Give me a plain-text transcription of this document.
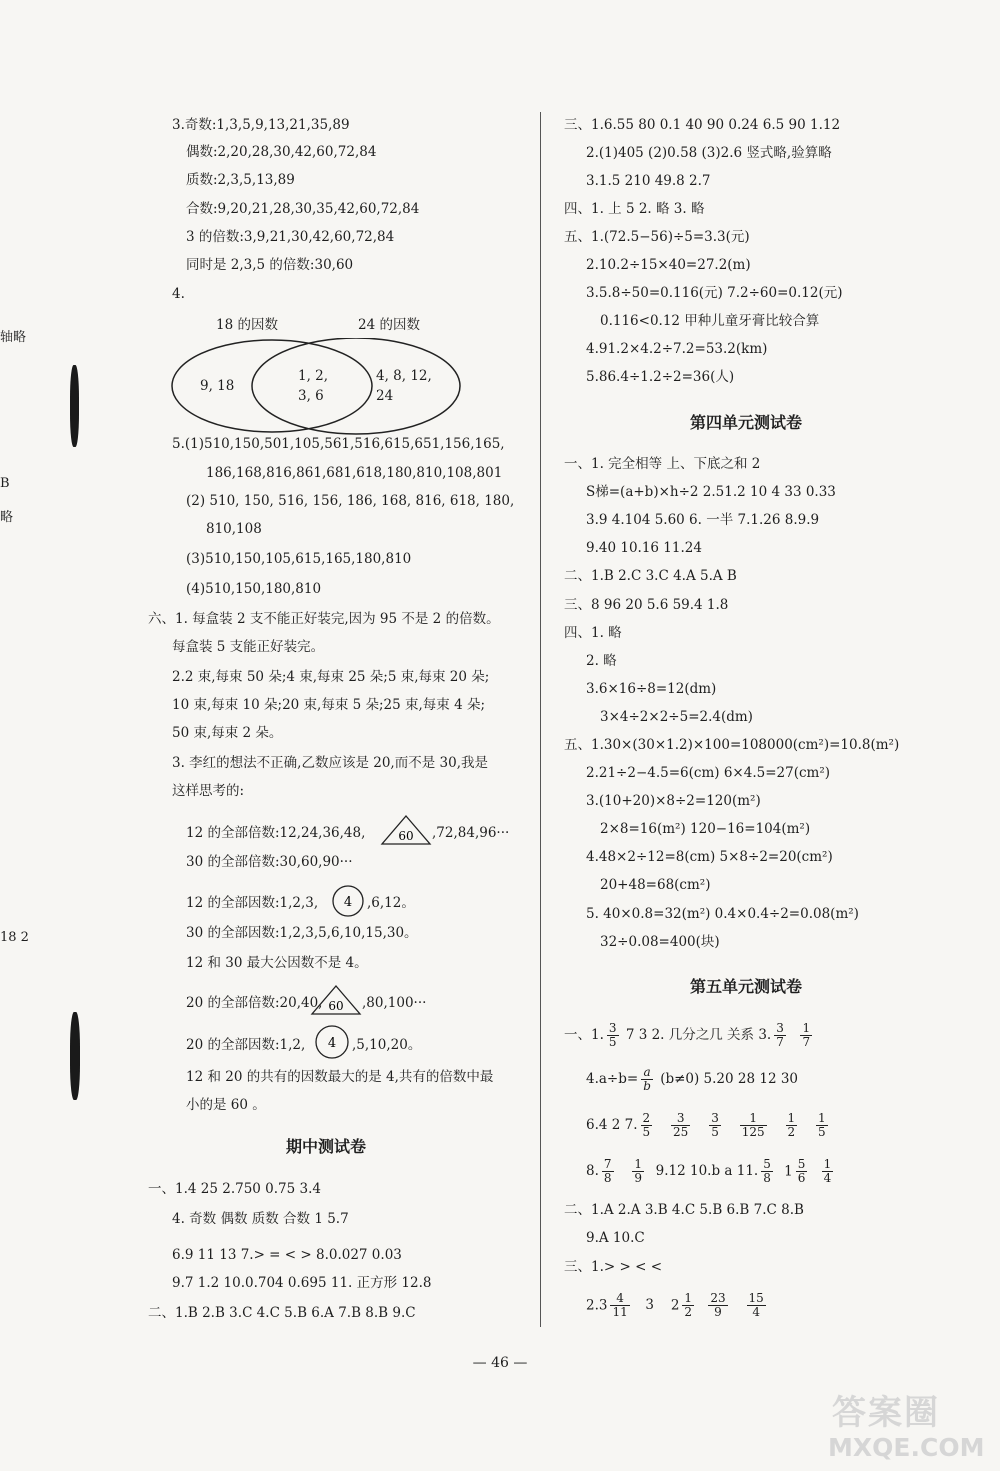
轴略
B
略
18 2
3.奇数:1,3,5,9,13,21,35,89
偶数:2,20,28,30,42,60,72,84
质数:2,3,5,13,89
合数:9,20,21,28,30,35,42,60,72,84
3 的倍数:3,9,21,30,42,60,72,84
同时是 2,3,5 的倍数:30,60
4.
18 的因数	24 的因数
9, 18
1, 2,
3, 6
4, 8, 12,
24
5.(1)510,150,501,105,561,516,615,651,156,165,
186,168,816,861,681,618,180,810,108,801
(2) 510, 150, 516, 156, 186, 168, 816, 618, 180,
810,108
(3)510,150,105,615,165,180,810
(4)510,150,180,810
六、1. 每盒装 2 支不能正好装完,因为 95 不是 2 的倍数。
每盒装 5 支能正好装完。
2.2 束,每束 50 朵;4 束,每束 25 朵;5 束,每束 20 朵;
10 束,每束 10 朵;20 束,每束 5 朵;25 束,每束 4 朵;
50 束,每束 2 朵。
3. 李红的想法不正确,乙数应该是 20,而不是 30,我是
这样思考的:
12 的全部倍数:12,24,36,48,	60 ,72,84,96···
30 的全部倍数:30,60,90···
12 的全部因数:1,2,3, 4 ,6,12。
30 的全部因数:1,2,3,5,6,10,15,30。
12 和 30 最大公因数不是 4。
20 的全部倍数:20,40, 60 ,80,100···
20 的全部因数:1,2, 4 ,5,10,20。
12 和 20 的共有的因数最大的是 4,共有的倍数中最
小的是 60 。
期中测试卷
一、1.4 25 2.750 0.75 3.4
4. 奇数 偶数 质数 合数 1 5.7
6.9 11 13 7.> = < > 8.0.027 0.03
9.7 1.2 10.0.704 0.695 11. 正方形 12.8
二、1.B 2.B 3.C 4.C 5.B 6.A 7.B 8.B 9.C
三、1.6.55 80 0.1 40 90 0.24 6.5 90 1.12
2.(1)405 (2)0.58 (3)2.6 竖式略,验算略
3.1.5 210 49.8 2.7
四、1. 上 5 2. 略 3. 略
五、1.(72.5−56)÷5=3.3(元)
2.10.2÷15×40=27.2(m)
3.5.8÷50=0.116(元) 7.2÷60=0.12(元)
0.116<0.12 甲种儿童牙膏比较合算
4.91.2×4.2÷7.2=53.2(km)
5.86.4÷1.2÷2=36(人)
第四单元测试卷
一、1. 完全相等 上、下底之和 2
S梯=(a+b)×h÷2 2.51.2 10 4 33 0.33
3.9 4.104 5.60 6. 一半 7.1.26 8.9.9
9.40 10.16 11.24
二、1.B 2.C 3.C 4.A 5.A B
三、8 96 20 5.6 59.4 1.8
四、1. 略
2. 略
3.6×16÷8=12(dm)
3×4÷2×2÷5=2.4(dm)
五、1.30×(30×1.2)×100=108000(cm²)=10.8(m²)
2.21÷2−4.5=6(cm) 6×4.5=27(cm²)
3.(10+20)×8÷2=120(m²)
2×8=16(m²) 120−16=104(m²)
4.48×2÷12=8(cm) 5×8÷2=20(cm²)
20+48=68(cm²)
5. 40×0.8=32(m²) 0.4×0.4÷2=0.08(m²)
32÷0.08=400(块)
第五单元测试卷
一、1. $\frac{3}{5} 7$ 3 2. 几分之几 关系 3. $\frac{3}{7}$
$\frac{1}{7}$
$4.a\div b= \frac{a}{b} (b\ne 0)$ 5.20 28 12 30
6.4 2 7. $\frac{2}{5}$
$\frac{3}{25}$
$\frac{3}{5}$
$\frac{1}{125}$
$\frac{1}{2}$
$\frac{1}{5}$
8. $\frac{7}{8}$
$\frac{1}{9} 9.12$ 10.b a 11. $\frac{5}{8} 1 \frac{5}{6}$
$\frac{1}{4}$
二、1.A 2.A 3.B 4.C 5.B 6.B 7.C 8.B
9.A 10.C
三、1.> > < <
$2.3 \frac{4}{11} 3$ $2 \frac{1}{2}$
$\frac{23}{9}$
$\frac{15}{4}$
— 46 —
答案圈
MXQE.COM
